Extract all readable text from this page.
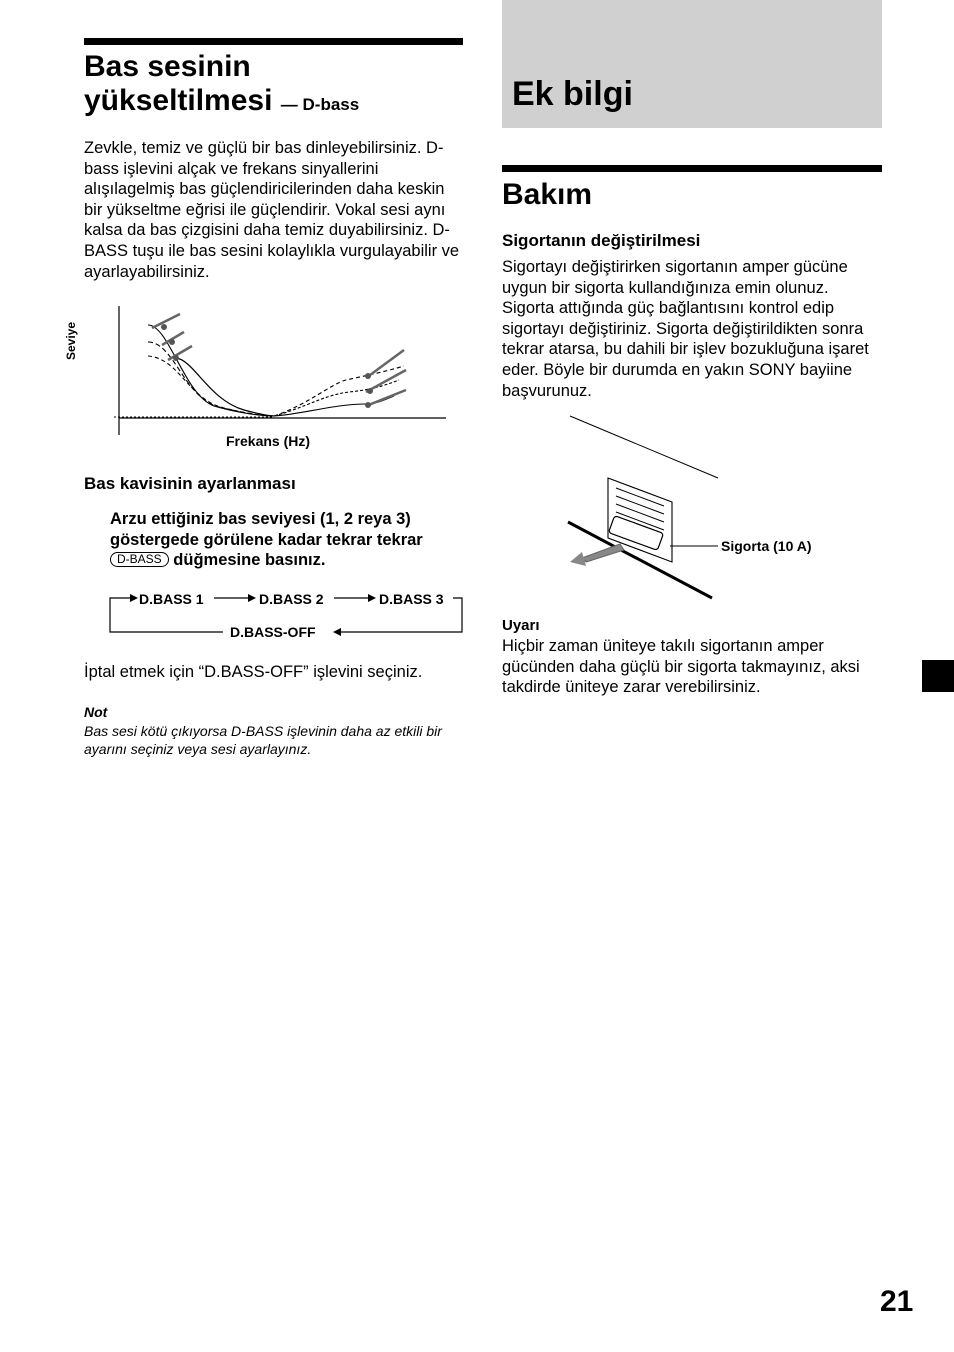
Bas sesinin

yükseltilmesi — D-bass

Zevkle, temiz ve güçlü bir bas dinleyebilirsiniz. D-bass işlevini alçak ve frekans sinyallerini alışılagelmiş bas güçlendiricilerinden daha keskin bir yükseltme eğrisi ile güçlendirir. Vokal sesi aynı kalsa da bas çizgisini daha temiz duyabilirsiniz. D-BASS tuşu ile bas sesini kolaylıkla vurgulayabilir ve ayarlayabilirsiniz.

Seviye
Frekans (Hz)

Bas kavisinin ayarlanması

Arzu ettiğiniz bas seviyesi (1, 2 reya 3) göstergede görülene kadar tekrar tekrar D-BASS düğmesine basınız.

D.BASS 1	D.BASS 2	D.BASS 3
D.BASS-OFF

İptal etmek için “D.BASS-OFF” işlevini seçiniz.

Not

Bas sesi kötü çıkıyorsa D-BASS işlevinin daha az etkili bir ayarını seçiniz veya sesi ayarlayınız.

Ek bilgi
Bakım

Sigortanın değiştirilmesi

Sigortayı değiştirirken sigortanın amper gücüne uygun bir sigorta kullandığınıza emin olunuz. Sigorta attığında güç bağlantısını kontrol edip sigortayı değiştiriniz. Sigorta değiştirildikten sonra tekrar atarsa, bu dahili bir işlev bozukluğuna işaret eder. Böyle bir durumda en yakın SONY bayiine başvurunuz.

Sigorta (10 A)

Uyarı

Hiçbir zaman üniteye takılı sigortanın amper gücünden daha güçlü bir sigorta takmayınız, aksi takdirde üniteye zarar verebilirsiniz.

21
